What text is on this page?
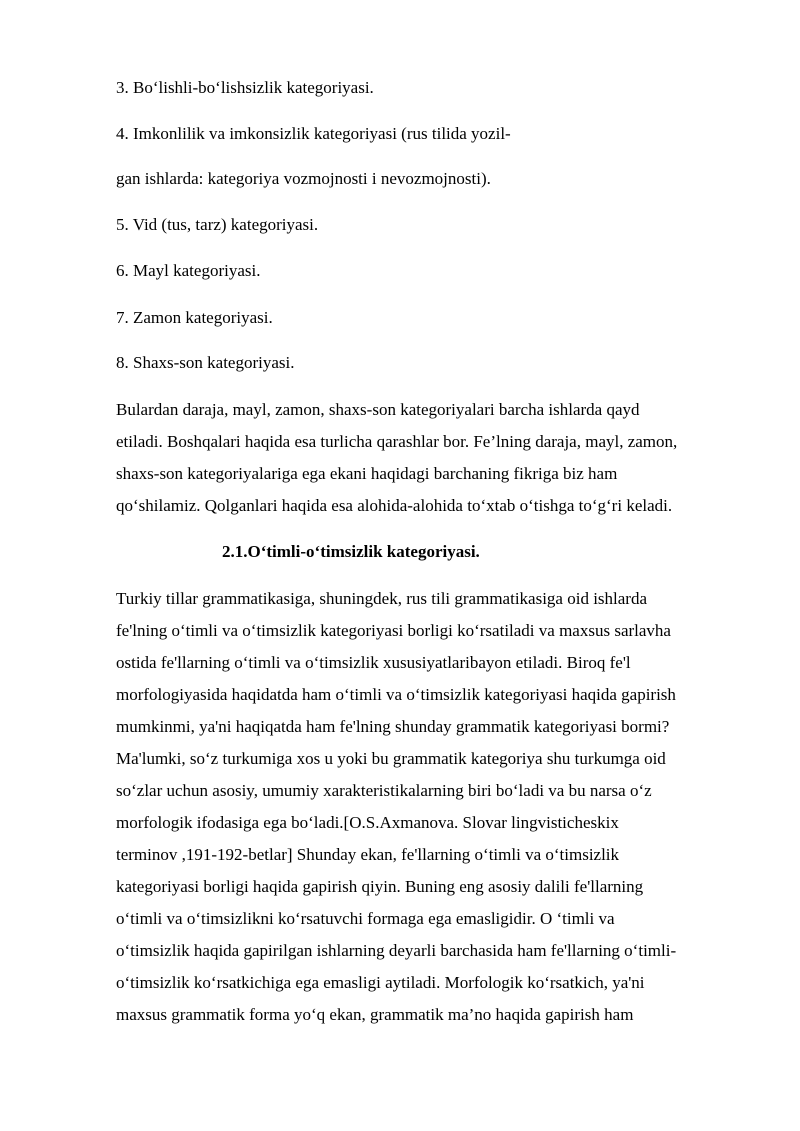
3. Bo‘lishli-bo‘lishsizlik kategoriyasi.
4. Imkonlilik va imkonsizlik kategoriyasi (rus tilida yozil-
gan ishlarda: kategoriya vozmojnosti i nevozmojnosti).
5. Vid (tus, tarz) kategoriyasi.
6. Mayl kategoriyasi.
7. Zamon kategoriyasi.
8. Shaxs-son kategoriyasi.
Bulardan daraja, mayl, zamon, shaxs-son kategoriyalari barcha ishlarda qayd
etiladi. Boshqalari haqida esa turlicha qarashlar bor. Fe’lning daraja, mayl, zamon,
shaxs-son kategoriyalariga ega ekani haqidagi barchaning fikriga biz ham
qo‘shilamiz. Qolganlari haqida esa alohida-alohida to‘xtab o‘tishga to‘g‘ri keladi.
2.1.O‘timli-o‘timsizlik kategoriyasi.
Turkiy tillar grammatikasiga, shuningdek, rus tili grammatikasiga oid ishlarda
fe'lning o‘timli va o‘timsizlik kategoriyasi borligi ko‘rsatiladi va maxsus sarlavha
ostida fe'llarning o‘timli va o‘timsizlik xususiyatlaribayon etiladi. Biroq fe'l
morfologiyasida haqidatda ham o‘timli va o‘timsizlik kategoriyasi haqida gapirish
mumkinmi, ya'ni haqiqatda ham fe'lning shunday grammatik kategoriyasi bormi?
Ma'lumki, so‘z turkumiga xos u yoki bu grammatik kategoriya shu turkumga oid
so‘zlar uchun asosiy, umumiy xarakteristikalarning biri bo‘ladi va bu narsa o‘z
morfologik ifodasiga ega bo‘ladi.[O.S.Axmanova. Slovar lingvisticheskix
terminov ,191-192-betlar] Shunday ekan, fe'llarning o‘timli va o‘timsizlik
kategoriyasi borligi haqida gapirish qiyin. Buning eng asosiy dalili fe'llarning
o‘timli va o‘timsizlikni ko‘rsatuvchi formaga ega emasligidir. O ‘timli va
o‘timsizlik haqida gapirilgan ishlarning deyarli barchasida ham fe'llarning o‘timli-
o‘timsizlik ko‘rsatkichiga ega emasligi aytiladi. Morfologik ko‘rsatkich, ya'ni
maxsus grammatik forma yo‘q ekan, grammatik ma’no haqida gapirish ham
